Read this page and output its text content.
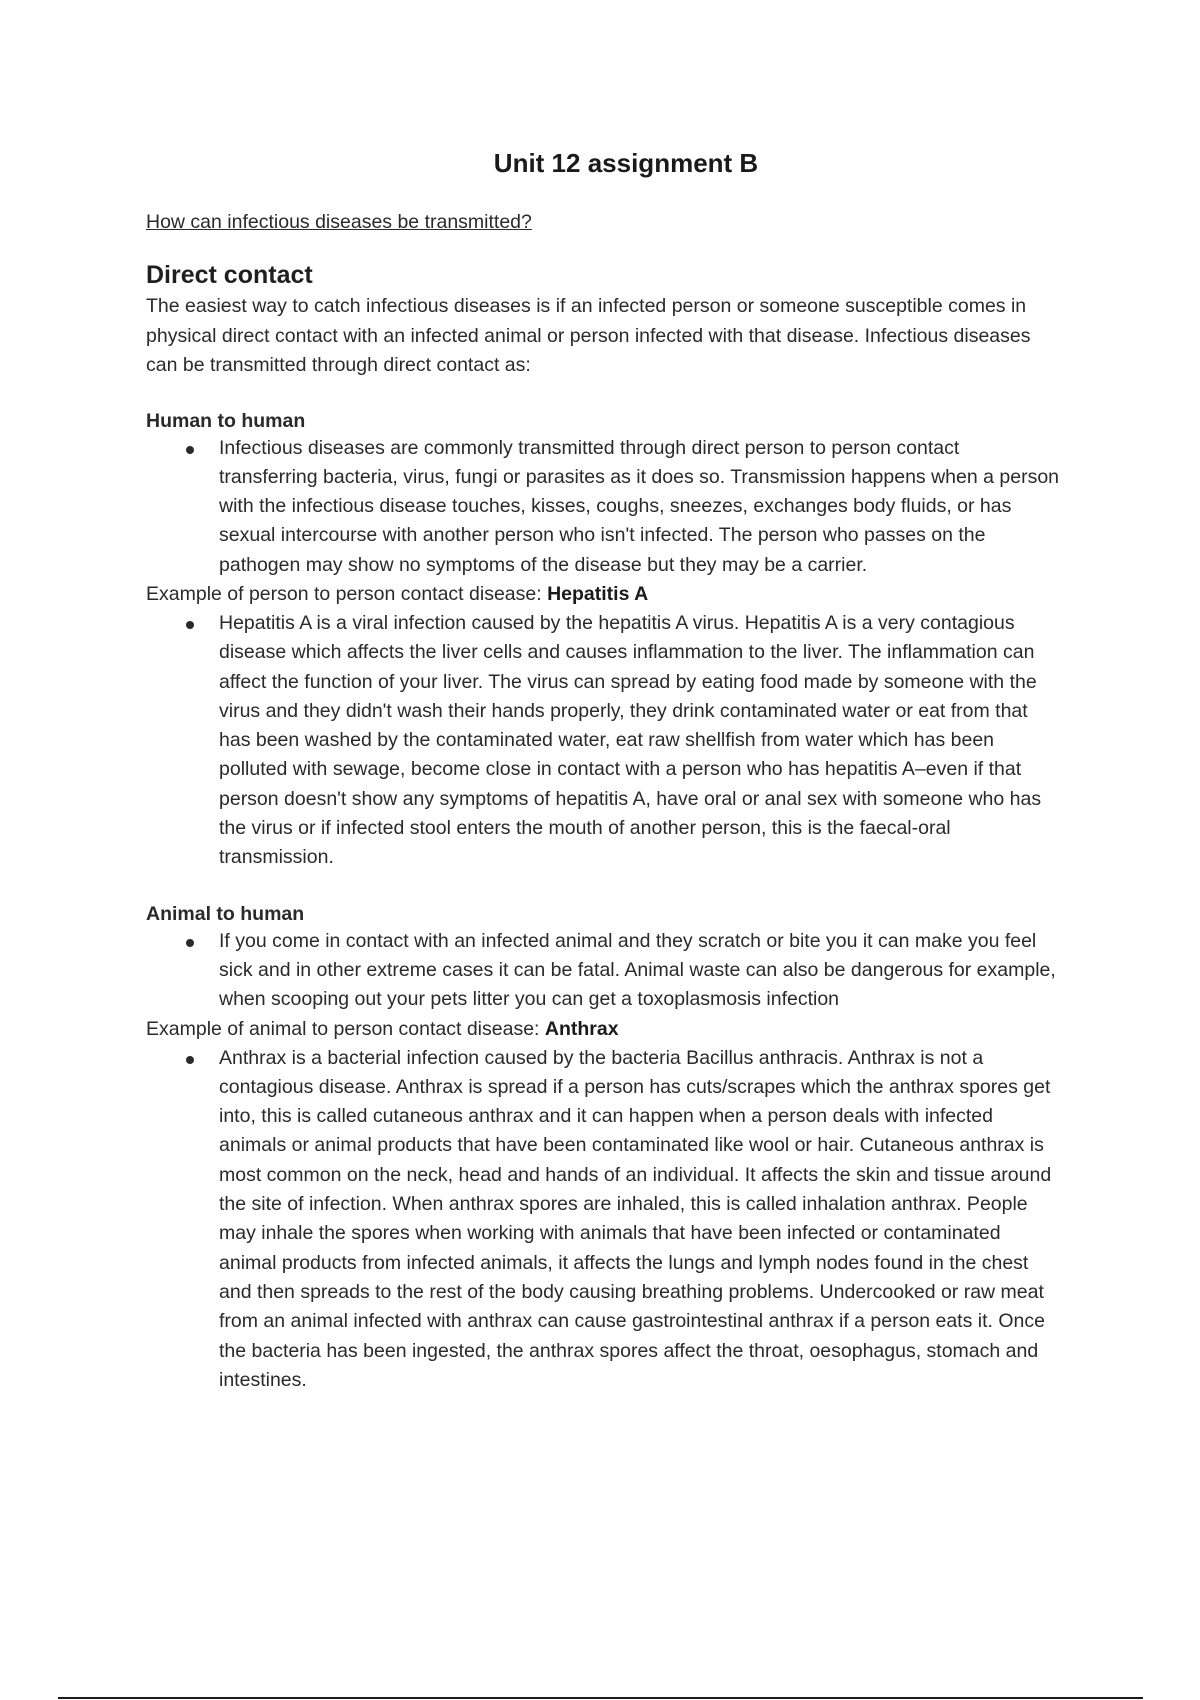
Unit 12 assignment B
How can infectious diseases be transmitted?
Direct contact
The easiest way to catch infectious diseases is if an infected person or someone susceptible comes in physical direct contact with an infected animal or person infected with that disease. Infectious diseases can be transmitted through direct contact as:
Human to human
Infectious diseases are commonly transmitted through direct person to person contact transferring bacteria, virus, fungi or parasites as it does so. Transmission happens when a person with the infectious disease touches, kisses, coughs, sneezes, exchanges body fluids, or has sexual intercourse with another person who isn't infected. The person who passes on the pathogen may show no symptoms of the disease but they may be a carrier.
Example of person to person contact disease: Hepatitis A
Hepatitis A is a viral infection caused by the hepatitis A virus. Hepatitis A is a very contagious disease which affects the liver cells and causes inflammation to the liver. The inflammation can affect the function of your liver. The virus can spread by eating food made by someone with the virus and they didn't wash their hands properly, they drink contaminated water or eat from that has been washed by the contaminated water, eat raw shellfish from water which has been polluted with sewage, become close in contact with a person who has hepatitis A–even if that person doesn't show any symptoms of hepatitis A, have oral or anal sex with someone who has the virus or if infected stool enters the mouth of another person, this is the faecal-oral transmission.
Animal to human
If you come in contact with an infected animal and they scratch or bite you it can make you feel sick and in other extreme cases it can be fatal. Animal waste can also be dangerous for example, when scooping out your pets litter you can get a toxoplasmosis infection
Example of animal to person contact disease: Anthrax
Anthrax is a bacterial infection caused by the bacteria Bacillus anthracis. Anthrax is not a contagious disease. Anthrax is spread if a person has cuts/scrapes which the anthrax spores get into, this is called cutaneous anthrax and it can happen when a person deals with infected animals or animal products that have been contaminated like wool or hair. Cutaneous anthrax is most common on the neck, head and hands of an individual. It affects the skin and tissue around the site of infection. When anthrax spores are inhaled, this is called inhalation anthrax. People may inhale the spores when working with animals that have been infected or contaminated animal products from infected animals, it affects the lungs and lymph nodes found in the chest and then spreads to the rest of the body causing breathing problems. Undercooked or raw meat from an animal infected with anthrax can cause gastrointestinal anthrax if a person eats it. Once the bacteria has been ingested, the anthrax spores affect the throat, oesophagus, stomach and intestines.
